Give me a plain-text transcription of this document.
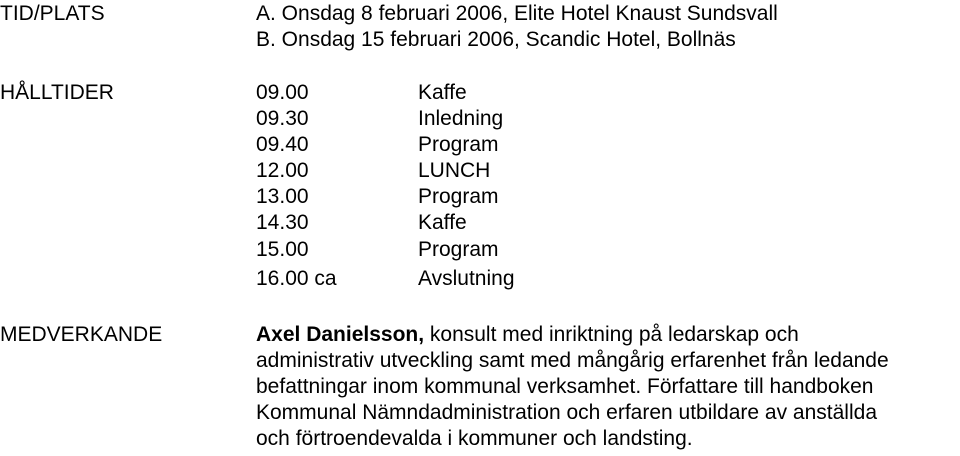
TID/PLATS	A. Onsdag 8 februari 2006, Elite Hotel Knaust Sundsvall
B. Onsdag 15 februari 2006, Scandic Hotel, Bollnäs
HÅLLTIDER	09.00	Kaffe
09.30	Inledning
09.40	Program
12.00	LUNCH
13.00	Program
14.30	Kaffe
15.00	Program
16.00 ca	Avslutning
MEDVERKANDE	Axel Danielsson, konsult med inriktning på ledarskap och
administrativ utveckling samt med mångårig erfarenhet från ledande
befattningar inom kommunal verksamhet. Författare till handboken
Kommunal Nämndadministration och erfaren utbildare av anställda
och förtroendevalda i kommuner och landsting.
